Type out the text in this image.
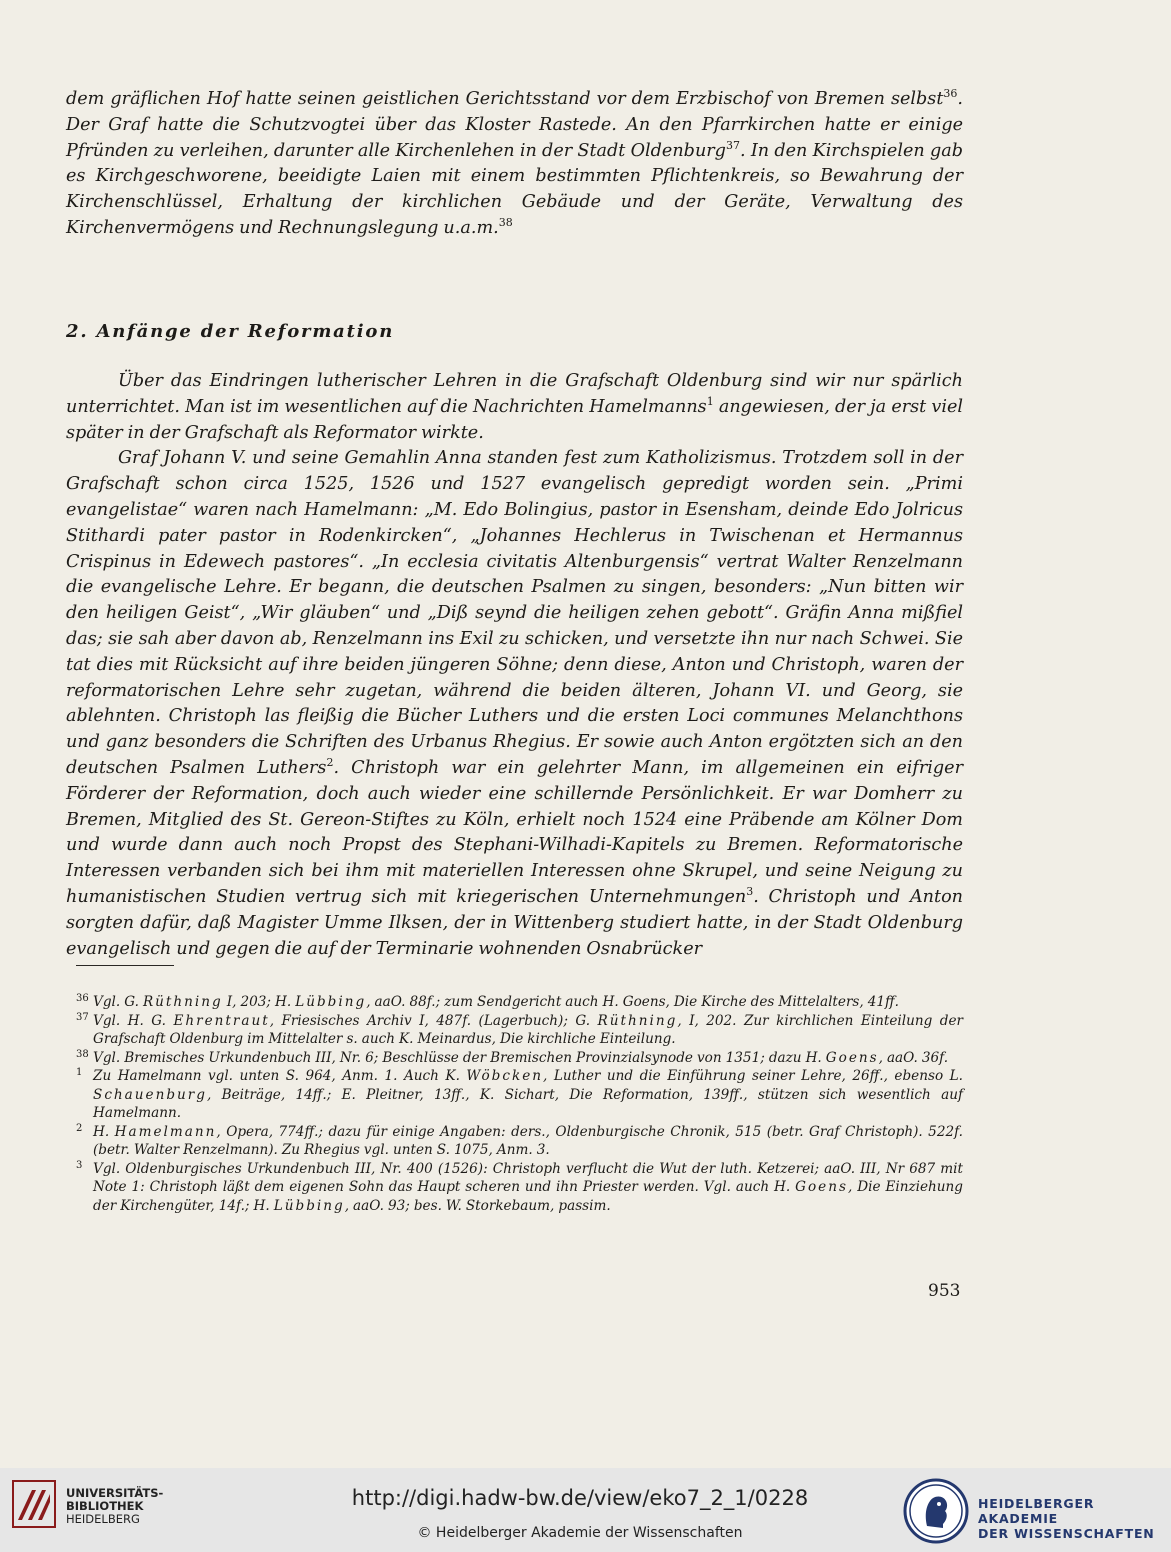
dem gräflichen Hof hatte seinen geistlichen Gerichtsstand vor dem Erzbischof von Bremen selbst$^{36}$. Der Graf hatte die Schutzvogtei über das Kloster Rastede. An den Pfarrkirchen hatte er einige Pfründen zu verleihen, darunter alle Kirchenlehen in der Stadt Oldenburg$^{37}$. In den Kirchspielen gab es Kirchgeschworene, beeidigte Laien mit einem bestimmten Pflichtenkreis, so Bewahrung der Kirchenschlüssel, Erhaltung der kirchlichen Gebäude und der Geräte, Verwaltung des Kirchenvermögens und Rechnungslegung u.a.m.$^{38}$

2. Anfänge der Reformation

Über das Eindringen lutherischer Lehren in die Grafschaft Oldenburg sind wir nur spärlich unterrichtet. Man ist im wesentlichen auf die Nachrichten Hamelmanns$^1$ angewiesen, der ja erst viel später in der Grafschaft als Reformator wirkte.

Graf Johann V. und seine Gemahlin Anna standen fest zum Katholizismus. Trotzdem soll in der Grafschaft schon circa 1525, 1526 und 1527 evangelisch gepredigt worden sein. „Primi evangelistae“ waren nach Hamelmann: „M. Edo Bolingius, pastor in Esensham, deinde Edo Jolricus Stithardi pater pastor in Rodenkircken“, „Johannes Hechlerus in Twischenan et Hermannus Crispinus in Edewech pastores“. „In ecclesia civitatis Altenburgensis“ vertrat Walter Renzelmann die evangelische Lehre. Er begann, die deutschen Psalmen zu singen, besonders: „Nun bitten wir den heiligen Geist“, „Wir gläuben“ und „Diß seynd die heiligen zehen gebott“. Gräfin Anna mißfiel das; sie sah aber davon ab, Renzelmann ins Exil zu schicken, und versetzte ihn nur nach Schwei. Sie tat dies mit Rücksicht auf ihre beiden jüngeren Söhne; denn diese, Anton und Christoph, waren der reformatorischen Lehre sehr zugetan, während die beiden älteren, Johann VI. und Georg, sie ablehnten. Christoph las fleißig die Bücher Luthers und die ersten Loci communes Melanchthons und ganz besonders die Schriften des Urbanus Rhegius. Er sowie auch Anton ergötzten sich an den deutschen Psalmen Luthers$^2$. Christoph war ein gelehrter Mann, im allgemeinen ein eifriger Förderer der Reformation, doch auch wieder eine schillernde Persönlichkeit. Er war Domherr zu Bremen, Mitglied des St. Gereon-Stiftes zu Köln, erhielt noch 1524 eine Präbende am Kölner Dom und wurde dann auch noch Propst des Stephani-Wilhadi-Kapitels zu Bremen. Reformatorische Interessen verbanden sich bei ihm mit materiellen Interessen ohne Skrupel, und seine Neigung zu humanistischen Studien vertrug sich mit kriegerischen Unternehmungen$^3$. Christoph und Anton sorgten dafür, daß Magister Umme Ilksen, der in Wittenberg studiert hatte, in der Stadt Oldenburg evangelisch und gegen die auf der Terminarie wohnenden Osnabrücker

36 Vgl. G. Rüthning I, 203; H. Lübbing, aaO. 88f.; zum Sendgericht auch H. Goens, Die Kirche des Mittelalters, 41ff.

37 Vgl. H. G. Ehrentraut, Friesisches Archiv I, 487f. (Lagerbuch); G. Rüthning, I, 202. Zur kirchlichen Einteilung der Grafschaft Oldenburg im Mittelalter s. auch K. Meinardus, Die kirchliche Einteilung.

38 Vgl. Bremisches Urkundenbuch III, Nr. 6; Beschlüsse der Bremischen Provinzialsynode von 1351; dazu H. Goens, aaO. 36f.

1 Zu Hamelmann vgl. unten S. 964, Anm. 1. Auch K. Wöbcken, Luther und die Einführung seiner Lehre, 26ff., ebenso L. Schauenburg, Beiträge, 14ff.; E. Pleitner, 13ff., K. Sichart, Die Reformation, 139ff., stützen sich wesentlich auf Hamelmann.

2 H. Hamelmann, Opera, 774ff.; dazu für einige Angaben: ders., Oldenburgische Chronik, 515 (betr. Graf Christoph). 522f. (betr. Walter Renzelmann). Zu Rhegius vgl. unten S. 1075, Anm. 3.

3 Vgl. Oldenburgisches Urkundenbuch III, Nr. 400 (1526): Christoph verflucht die Wut der luth. Ketzerei; aaO. III, Nr 687 mit Note 1: Christoph läßt dem eigenen Sohn das Haupt scheren und ihn Priester werden. Vgl. auch H. Goens, Die Einziehung der Kirchengüter, 14f.; H. Lübbing, aaO. 93; bes. W. Storkebaum, passim.

953
UNIVERSITÄTS-
BIBLIOTHEK
HEIDELBERG
http://digi.hadw-bw.de/view/eko7_2_1/0228
© Heidelberger Akademie der Wissenschaften
HEIDELBERGER AKADEMIE
DER WISSENSCHAFTEN
